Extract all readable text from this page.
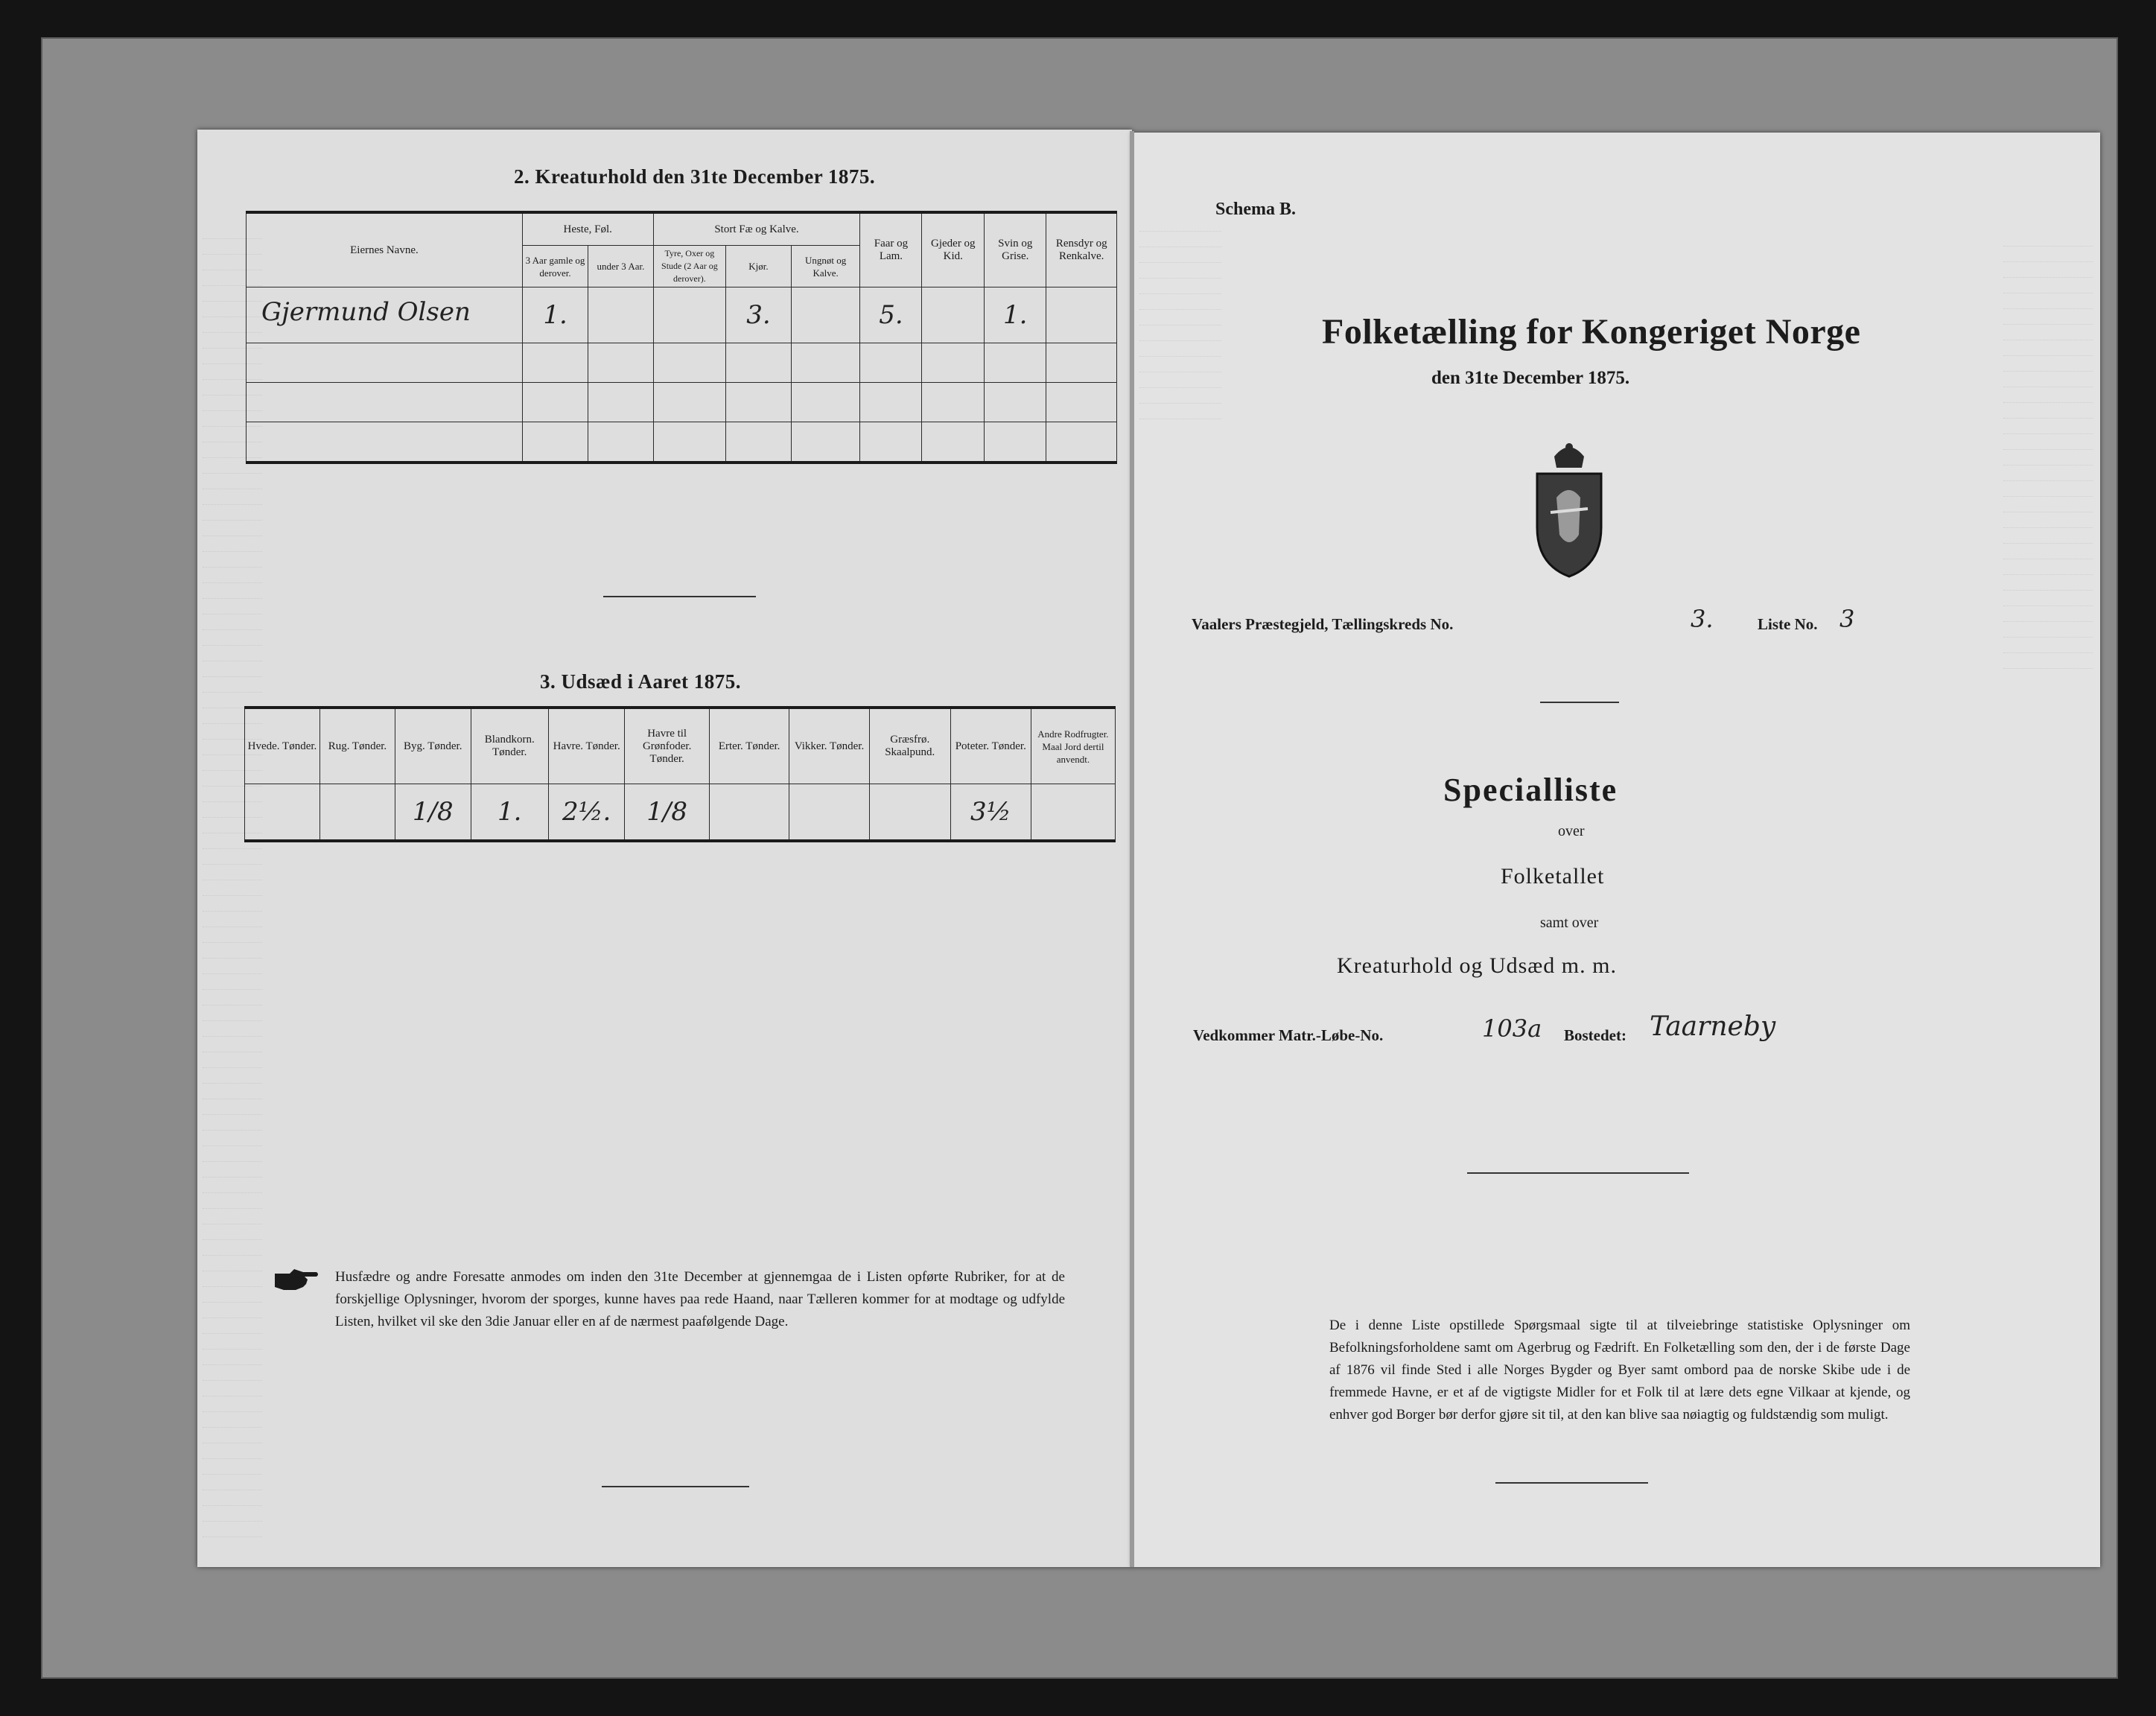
2. Kreaturhold den 31te December 1875.
Eiernes Navne.	Heste, Føl.		Stort Fæ og Kalve.			Faar og Lam.	Gjeder og Kid.	Svin og Grise.	Rensdyr og Renkalve.
	3 Aar gamle og derover.	under 3 Aar.	Tyre, Oxer og Stude (2 Aar og derover).	Kjør.	Ungnøt og Kalve.				
Gjermund Olsen	1.			3.		5.		1.	

3. Udsæd i Aaret 1875.
Hvede. Tønder.	Rug. Tønder.	Byg. Tønder.	Blandkorn. Tønder.	Havre. Tønder.	Havre til Grønfoder. Tønder.	Erter. Tønder.	Vikker. Tønder.	Græsfrø. Skaalpund.	Poteter. Tønder.	Andre Rodfrugter. Maal Jord dertil anvendt.
		1/8	1.	2½.	1/8				3½	
Husfædre og andre Foresatte anmodes om inden den 31te December at gjennemgaa de i Listen opførte Rubriker, for at de forskjellige Oplysninger, hvorom der sporges, kunne haves paa rede Haand, naar Tælleren kommer for at modtage og udfylde Listen, hvilket vil ske den 3die Januar eller en af de nærmest paafølgende Dage.
Schema B.
Folketælling for Kongeriget Norge
den 31te December 1875.
Vaalers Præstegjeld, Tællingskreds No.	3.	Liste No. 3
Specialliste
over
Folketallet
samt over
Kreaturhold og Udsæd m. m.
Vedkommer Matr.-Løbe-No.	103a Bostedet: Taarneby
De i denne Liste opstillede Spørgsmaal sigte til at tilveiebringe statistiske Oplysninger om Befolkningsforholdene samt om Agerbrug og Fædrift. En Folketælling som den, der i de første Dage af 1876 vil finde Sted i alle Norges Bygder og Byer samt ombord paa de norske Skibe ude i de fremmede Havne, er et af de vigtigste Midler for et Folk til at lære dets egne Vilkaar at kjende, og enhver god Borger bør derfor gjøre sit til, at den kan blive saa nøiagtig og fuldstændig som muligt.
